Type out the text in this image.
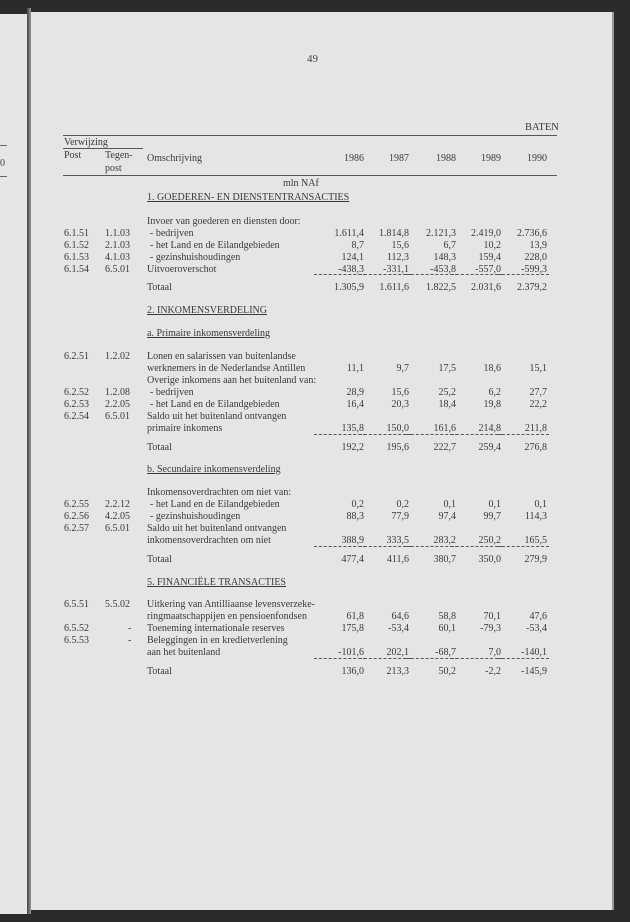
0
49
BATEN
Verwijzing
Post Tegen-
post
Omschrijving	1986	1987	1988	1989	1990
mln NAf
1. GOEDEREN- EN DIENSTENTRANSACTIES
Invoer van goederen en diensten door:
6.1.51 1.1.03 - bedrijven	1.611,4	1.814,8	2.121,3	2.419,0	2.736,6
6.1.52 2.1.03 - het Land en de Eilandgebieden	8,7	15,6	6,7	10,2	13,9
6.1.53 4.1.03 - gezinshuishoudingen	124,1	112,3	148,3	159,4	228,0
6.1.54 6.5.01 Uitvoeroverschot	-438,3	-331,1	-453,8	-557,0	-599,3
Totaal	1.305,9	1.611,6	1.822,5	2.031,6	2.379,2
2. INKOMENSVERDELING
a. Primaire inkomensverdeling
6.2.51 1.2.02 Lonen en salarissen van buitenlandse
werknemers in de Nederlandse Antillen	11,1	9,7	17,5	18,6	15,1
Overige inkomens aan het buitenland van:
6.2.52 1.2.08 - bedrijven	28,9	15,6	25,2	6,2	27,7
6.2.53 2.2.05 - het Land en de Eilandgebieden	16,4	20,3	18,4	19,8	22,2
6.2.54 6.5.01 Saldo uit het buitenland ontvangen
primaire inkomens	135,8	150,0	161,6	214,8	211,8
Totaal	192,2	195,6	222,7	259,4	276,8
b. Secundaire inkomensverdeling
Inkomensoverdrachten om niet van:
6.2.55 2.2.12 - het Land en de Eilandgebieden	0,2	0,2	0,1	0,1	0,1
6.2.56 4.2.05 - gezinshuishoudingen	88,3	77,9	97,4	99,7	114,3
6.2.57 6.5.01 Saldo uit het buitenland ontvangen
inkomensoverdrachten om niet	388,9	333,5	283,2	250,2	165,5
Totaal	477,4	411,6	380,7	350,0	279,9
5. FINANCIËLE TRANSACTIES
6.5.51 5.5.02 Uitkering van Antilliaanse levensverzeke-
ringmaatschappijen en pensioenfondsen	61,8	64,6	58,8	70,1	47,6
6.5.52	- Toeneming internationale reserves	175,8	-53,4	60,1	-79,3	-53,4
6.5.53	- Beleggingen in en kredietverlening
aan het buitenland	-101,6	202,1	-68,7	7,0	-140,1
Totaal	136,0	213,3	50,2	-2,2	-145,9
